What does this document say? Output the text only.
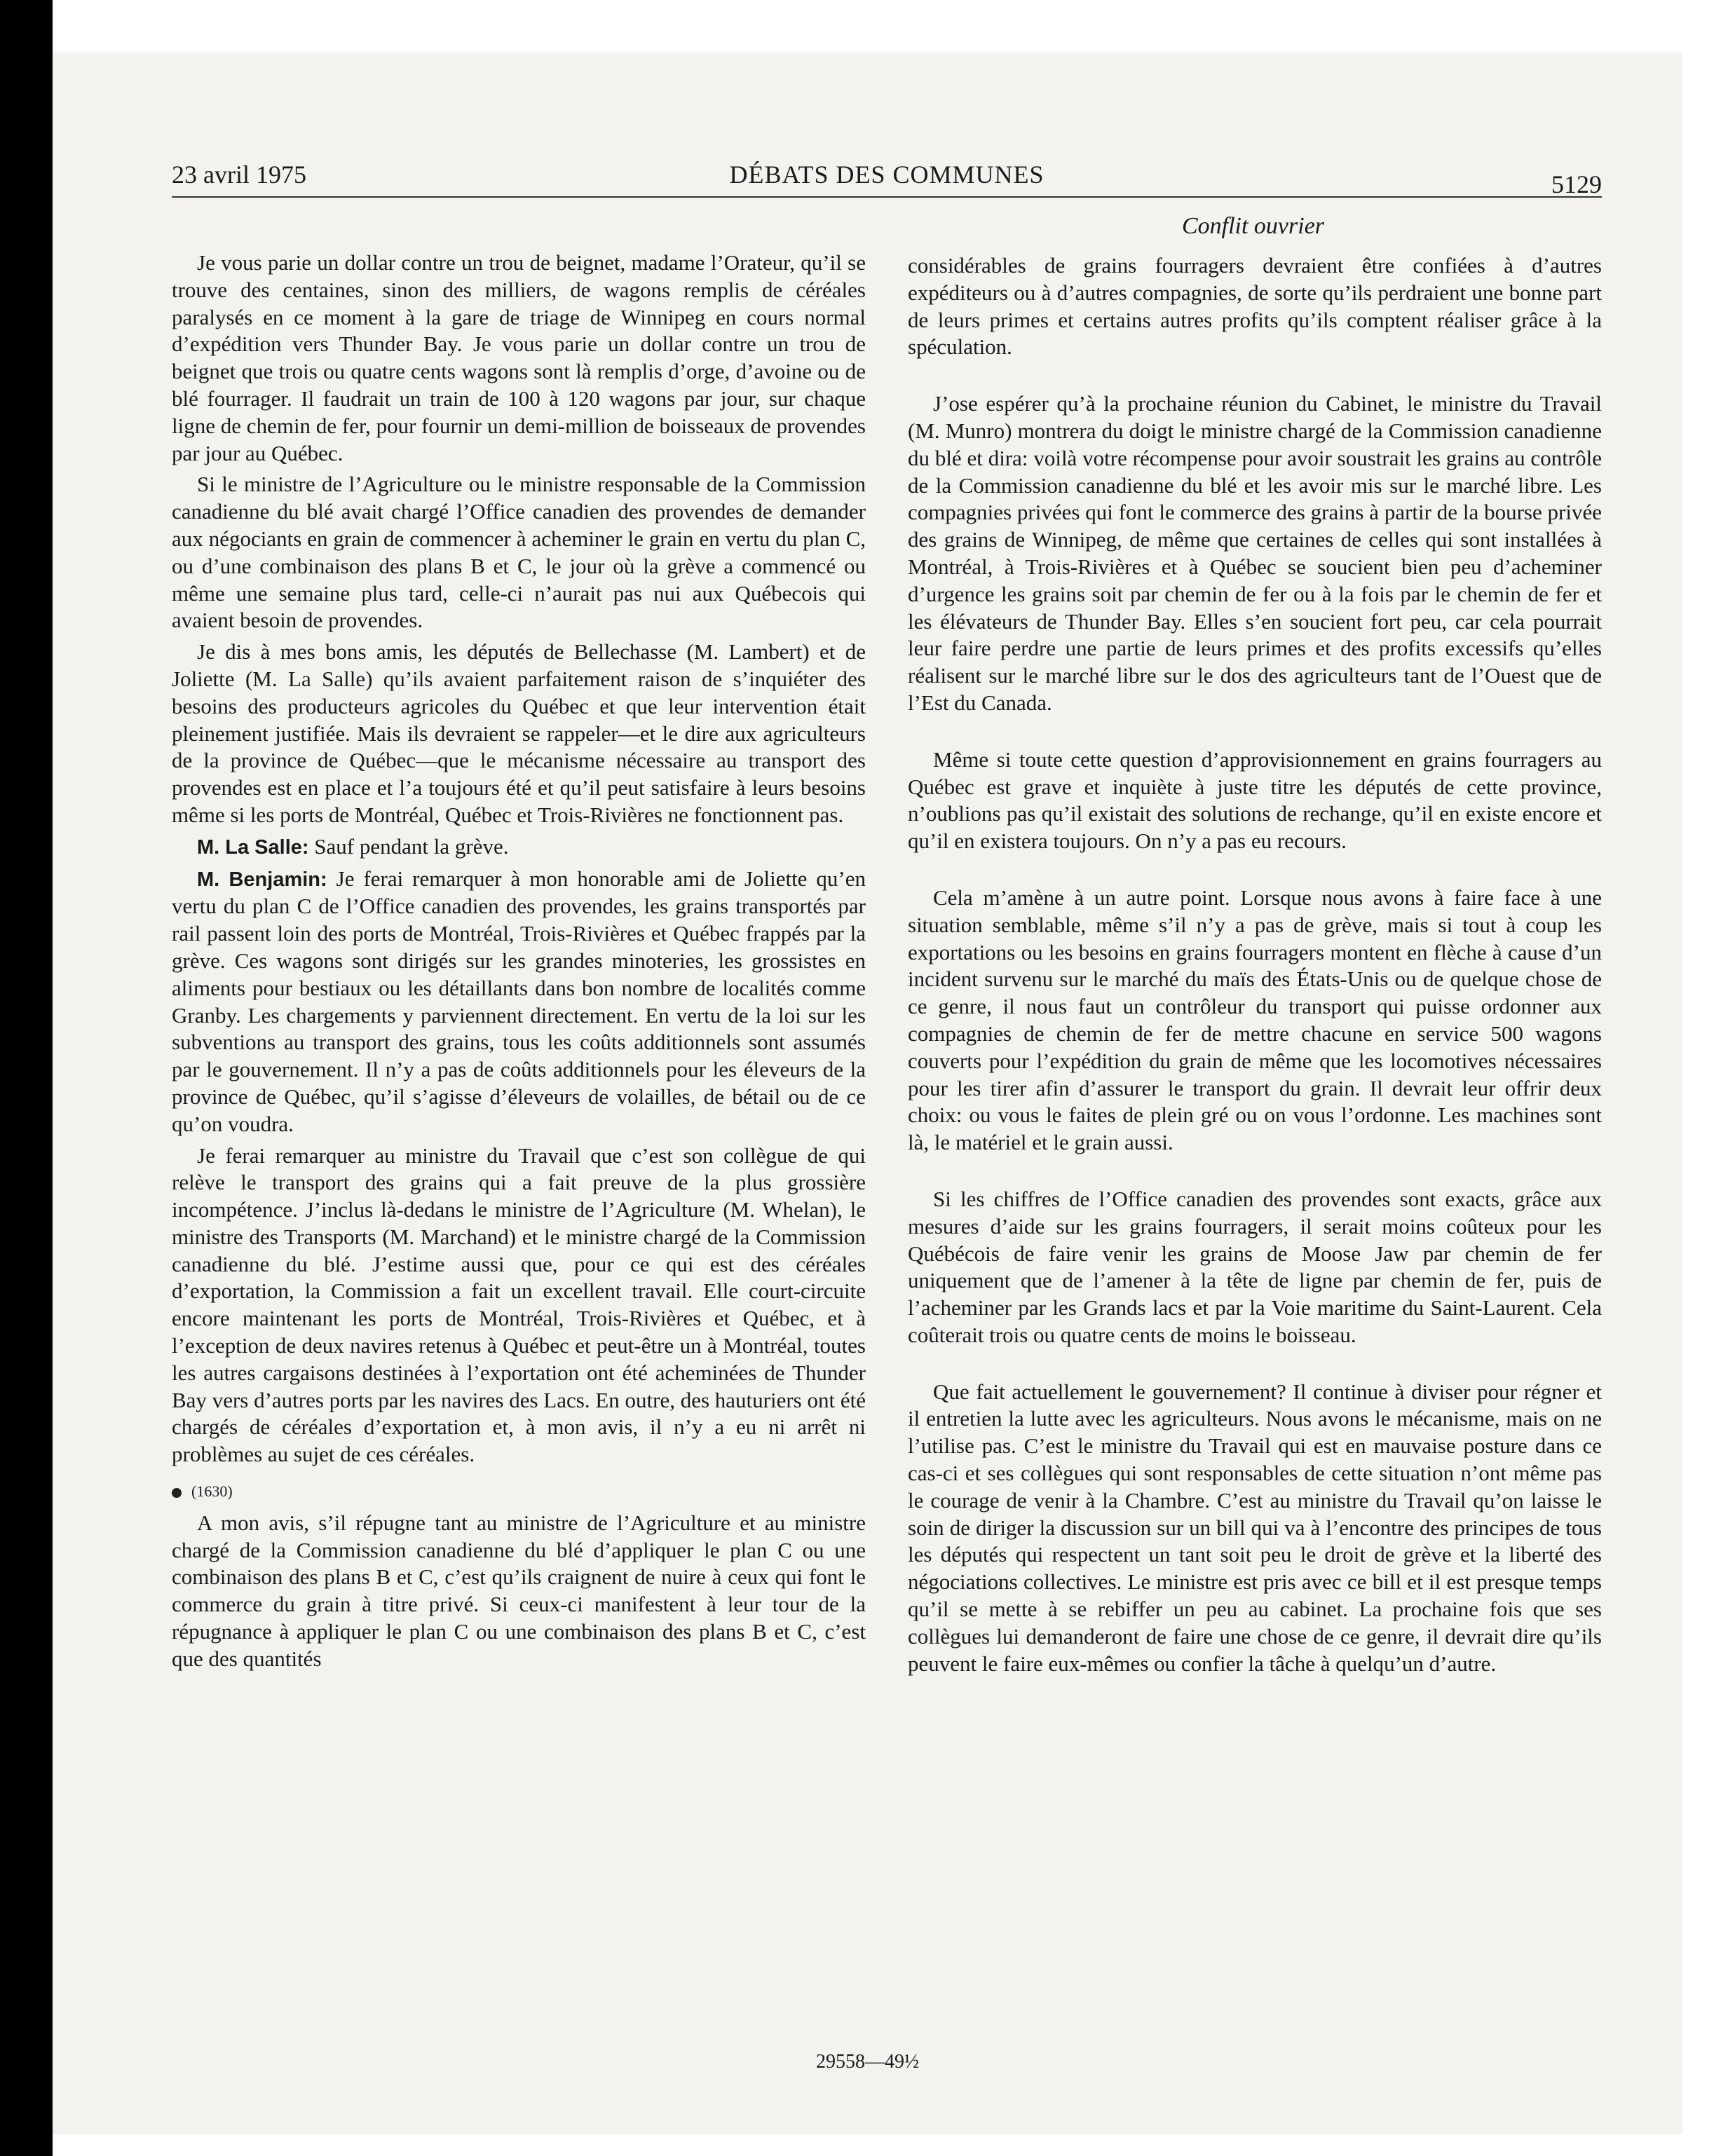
23 avril 1975	DÉBATS DES COMMUNES	5129
Conflit ouvrier

Je vous parie un dollar contre un trou de beignet, madame l’Orateur, qu’il se trouve des centaines, sinon des milliers, de wagons remplis de céréales paralysés en ce moment à la gare de triage de Winnipeg en cours normal d’expédition vers Thunder Bay. Je vous parie un dollar contre un trou de beignet que trois ou quatre cents wagons sont là remplis d’orge, d’avoine ou de blé fourrager. Il faudrait un train de 100 à 120 wagons par jour, sur chaque ligne de chemin de fer, pour fournir un demi-million de boisseaux de provendes par jour au Québec.

Si le ministre de l’Agriculture ou le ministre responsable de la Commission canadienne du blé avait chargé l’Office canadien des provendes de demander aux négociants en grain de commencer à acheminer le grain en vertu du plan C, ou d’une combinaison des plans B et C, le jour où la grève a commencé ou même une semaine plus tard, celle-ci n’aurait pas nui aux Québecois qui avaient besoin de provendes.

Je dis à mes bons amis, les députés de Bellechasse (M. Lambert) et de Joliette (M. La Salle) qu’ils avaient parfaitement raison de s’inquiéter des besoins des producteurs agricoles du Québec et que leur intervention était pleinement justifiée. Mais ils devraient se rappeler—et le dire aux agriculteurs de la province de Québec—que le mécanisme nécessaire au transport des provendes est en place et l’a toujours été et qu’il peut satisfaire à leurs besoins même si les ports de Montréal, Québec et Trois-Rivières ne fonctionnent pas.

M. La Salle: Sauf pendant la grève.

M. Benjamin: Je ferai remarquer à mon honorable ami de Joliette qu’en vertu du plan C de l’Office canadien des provendes, les grains transportés par rail passent loin des ports de Montréal, Trois-Rivières et Québec frappés par la grève. Ces wagons sont dirigés sur les grandes minoteries, les grossistes en aliments pour bestiaux ou les détaillants dans bon nombre de localités comme Granby. Les chargements y parviennent directement. En vertu de la loi sur les subventions au transport des grains, tous les coûts additionnels sont assumés par le gouvernement. Il n’y a pas de coûts additionnels pour les éleveurs de la province de Québec, qu’il s’agisse d’éleveurs de volailles, de bétail ou de ce qu’on voudra.

Je ferai remarquer au ministre du Travail que c’est son collègue de qui relève le transport des grains qui a fait preuve de la plus grossière incompétence. J’inclus là-dedans le ministre de l’Agriculture (M. Whelan), le ministre des Transports (M. Marchand) et le ministre chargé de la Commission canadienne du blé. J’estime aussi que, pour ce qui est des céréales d’exportation, la Commission a fait un excellent travail. Elle court-circuite encore maintenant les ports de Montréal, Trois-Rivières et Québec, et à l’exception de deux navires retenus à Québec et peut-être un à Montréal, toutes les autres cargaisons destinées à l’exportation ont été acheminées de Thunder Bay vers d’autres ports par les navires des Lacs. En outre, des hauturiers ont été chargés de céréales d’exportation et, à mon avis, il n’y a eu ni arrêt ni problèmes au sujet de ces céréales.

(1630)

A mon avis, s’il répugne tant au ministre de l’Agriculture et au ministre chargé de la Commission canadienne du blé d’appliquer le plan C ou une combinaison des plans B et C, c’est qu’ils craignent de nuire à ceux qui font le commerce du grain à titre privé. Si ceux-ci manifestent à leur tour de la répugnance à appliquer le plan C ou une combinaison des plans B et C, c’est que des quantités

considérables de grains fourragers devraient être confiées à d’autres expéditeurs ou à d’autres compagnies, de sorte qu’ils perdraient une bonne part de leurs primes et certains autres profits qu’ils comptent réaliser grâce à la spéculation.

J’ose espérer qu’à la prochaine réunion du Cabinet, le ministre du Travail (M. Munro) montrera du doigt le ministre chargé de la Commission canadienne du blé et dira: voilà votre récompense pour avoir soustrait les grains au contrôle de la Commission canadienne du blé et les avoir mis sur le marché libre. Les compagnies privées qui font le commerce des grains à partir de la bourse privée des grains de Winnipeg, de même que certaines de celles qui sont installées à Montréal, à Trois-Rivières et à Québec se soucient bien peu d’acheminer d’urgence les grains soit par chemin de fer ou à la fois par le chemin de fer et les élévateurs de Thunder Bay. Elles s’en soucient fort peu, car cela pourrait leur faire perdre une partie de leurs primes et des profits excessifs qu’elles réalisent sur le marché libre sur le dos des agriculteurs tant de l’Ouest que de l’Est du Canada.

Même si toute cette question d’approvisionnement en grains fourragers au Québec est grave et inquiète à juste titre les députés de cette province, n’oublions pas qu’il existait des solutions de rechange, qu’il en existe encore et qu’il en existera toujours. On n’y a pas eu recours.

Cela m’amène à un autre point. Lorsque nous avons à faire face à une situation semblable, même s’il n’y a pas de grève, mais si tout à coup les exportations ou les besoins en grains fourragers montent en flèche à cause d’un incident survenu sur le marché du maïs des États-Unis ou de quelque chose de ce genre, il nous faut un contrôleur du transport qui puisse ordonner aux compagnies de chemin de fer de mettre chacune en service 500 wagons couverts pour l’expédition du grain de même que les locomotives nécessaires pour les tirer afin d’assurer le transport du grain. Il devrait leur offrir deux choix: ou vous le faites de plein gré ou on vous l’ordonne. Les machines sont là, le matériel et le grain aussi.

Si les chiffres de l’Office canadien des provendes sont exacts, grâce aux mesures d’aide sur les grains fourragers, il serait moins coûteux pour les Québécois de faire venir les grains de Moose Jaw par chemin de fer uniquement que de l’amener à la tête de ligne par chemin de fer, puis de l’acheminer par les Grands lacs et par la Voie maritime du Saint-Laurent. Cela coûterait trois ou quatre cents de moins le boisseau.

Que fait actuellement le gouvernement? Il continue à diviser pour régner et il entretien la lutte avec les agriculteurs. Nous avons le mécanisme, mais on ne l’utilise pas. C’est le ministre du Travail qui est en mauvaise posture dans ce cas-ci et ses collègues qui sont responsables de cette situation n’ont même pas le courage de venir à la Chambre. C’est au ministre du Travail qu’on laisse le soin de diriger la discussion sur un bill qui va à l’encontre des principes de tous les députés qui respectent un tant soit peu le droit de grève et la liberté des négociations collectives. Le ministre est pris avec ce bill et il est presque temps qu’il se mette à se rebiffer un peu au cabinet. La prochaine fois que ses collègues lui demanderont de faire une chose de ce genre, il devrait dire qu’ils peuvent le faire eux-mêmes ou confier la tâche à quelqu’un d’autre.

29558—49½
